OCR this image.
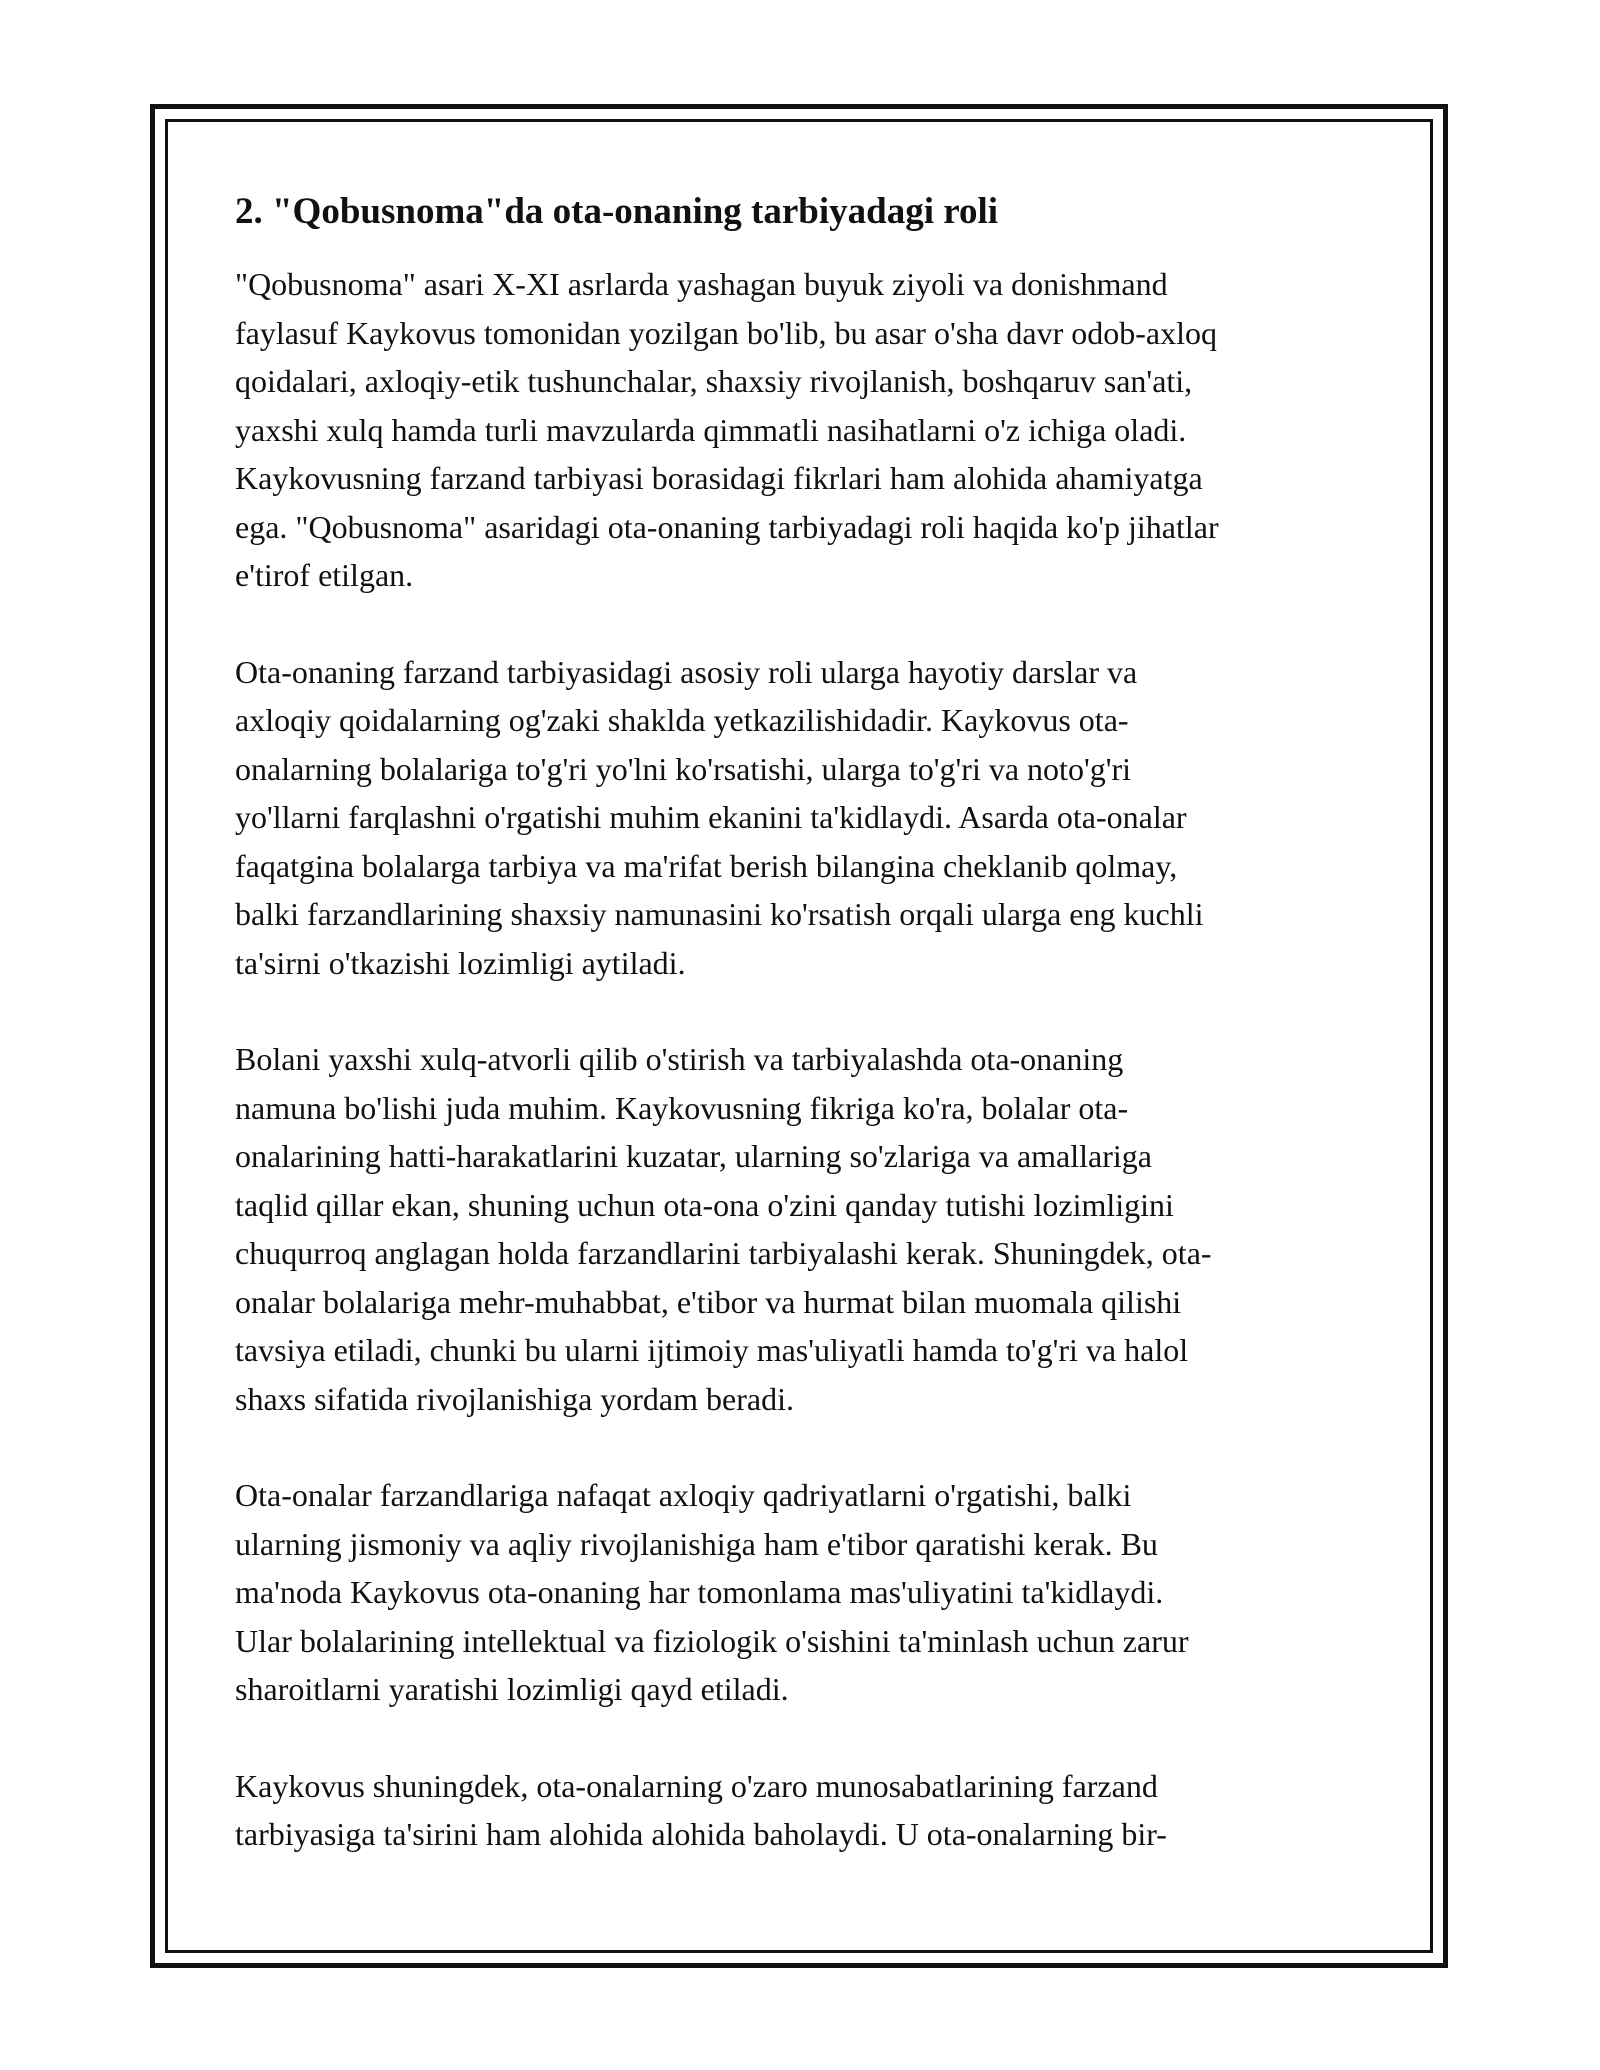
2. "Qobusnoma"da ota-onaning tarbiyadagi roli

"Qobusnoma" asari X-XI asrlarda yashagan buyuk ziyoli va donishmand
faylasuf Kaykovus tomonidan yozilgan bo'lib, bu asar o'sha davr odob-axloq
qoidalari, axloqiy-etik tushunchalar, shaxsiy rivojlanish, boshqaruv san'ati,
yaxshi xulq hamda turli mavzularda qimmatli nasihatlarni o'z ichiga oladi.
Kaykovusning farzand tarbiyasi borasidagi fikrlari ham alohida ahamiyatga
ega. "Qobusnoma" asaridagi ota-onaning tarbiyadagi roli haqida ko'p jihatlar
e'tirof etilgan.

Ota-onaning farzand tarbiyasidagi asosiy roli ularga hayotiy darslar va
axloqiy qoidalarning og'zaki shaklda yetkazilishidadir. Kaykovus ota-
onalarning bolalariga to'g'ri yo'lni ko'rsatishi, ularga to'g'ri va noto'g'ri
yo'llarni farqlashni o'rgatishi muhim ekanini ta'kidlaydi. Asarda ota-onalar
faqatgina bolalarga tarbiya va ma'rifat berish bilangina cheklanib qolmay,
balki farzandlarining shaxsiy namunasini ko'rsatish orqali ularga eng kuchli
ta'sirni o'tkazishi lozimligi aytiladi.

Bolani yaxshi xulq-atvorli qilib o'stirish va tarbiyalashda ota-onaning
namuna bo'lishi juda muhim. Kaykovusning fikriga ko'ra, bolalar ota-
onalarining hatti-harakatlarini kuzatar, ularning so'zlariga va amallariga
taqlid qillar ekan, shuning uchun ota-ona o'zini qanday tutishi lozimligini
chuqurroq anglagan holda farzandlarini tarbiyalashi kerak. Shuningdek, ota-
onalar bolalariga mehr-muhabbat, e'tibor va hurmat bilan muomala qilishi
tavsiya etiladi, chunki bu ularni ijtimoiy mas'uliyatli hamda to'g'ri va halol
shaxs sifatida rivojlanishiga yordam beradi.

Ota-onalar farzandlariga nafaqat axloqiy qadriyatlarni o'rgatishi, balki
ularning jismoniy va aqliy rivojlanishiga ham e'tibor qaratishi kerak. Bu
ma'noda Kaykovus ota-onaning har tomonlama mas'uliyatini ta'kidlaydi.
Ular bolalarining intellektual va fiziologik o'sishini ta'minlash uchun zarur
sharoitlarni yaratishi lozimligi qayd etiladi.

Kaykovus shuningdek, ota-onalarning o'zaro munosabatlarining farzand
tarbiyasiga ta'sirini ham alohida alohida baholaydi. U ota-onalarning bir-
